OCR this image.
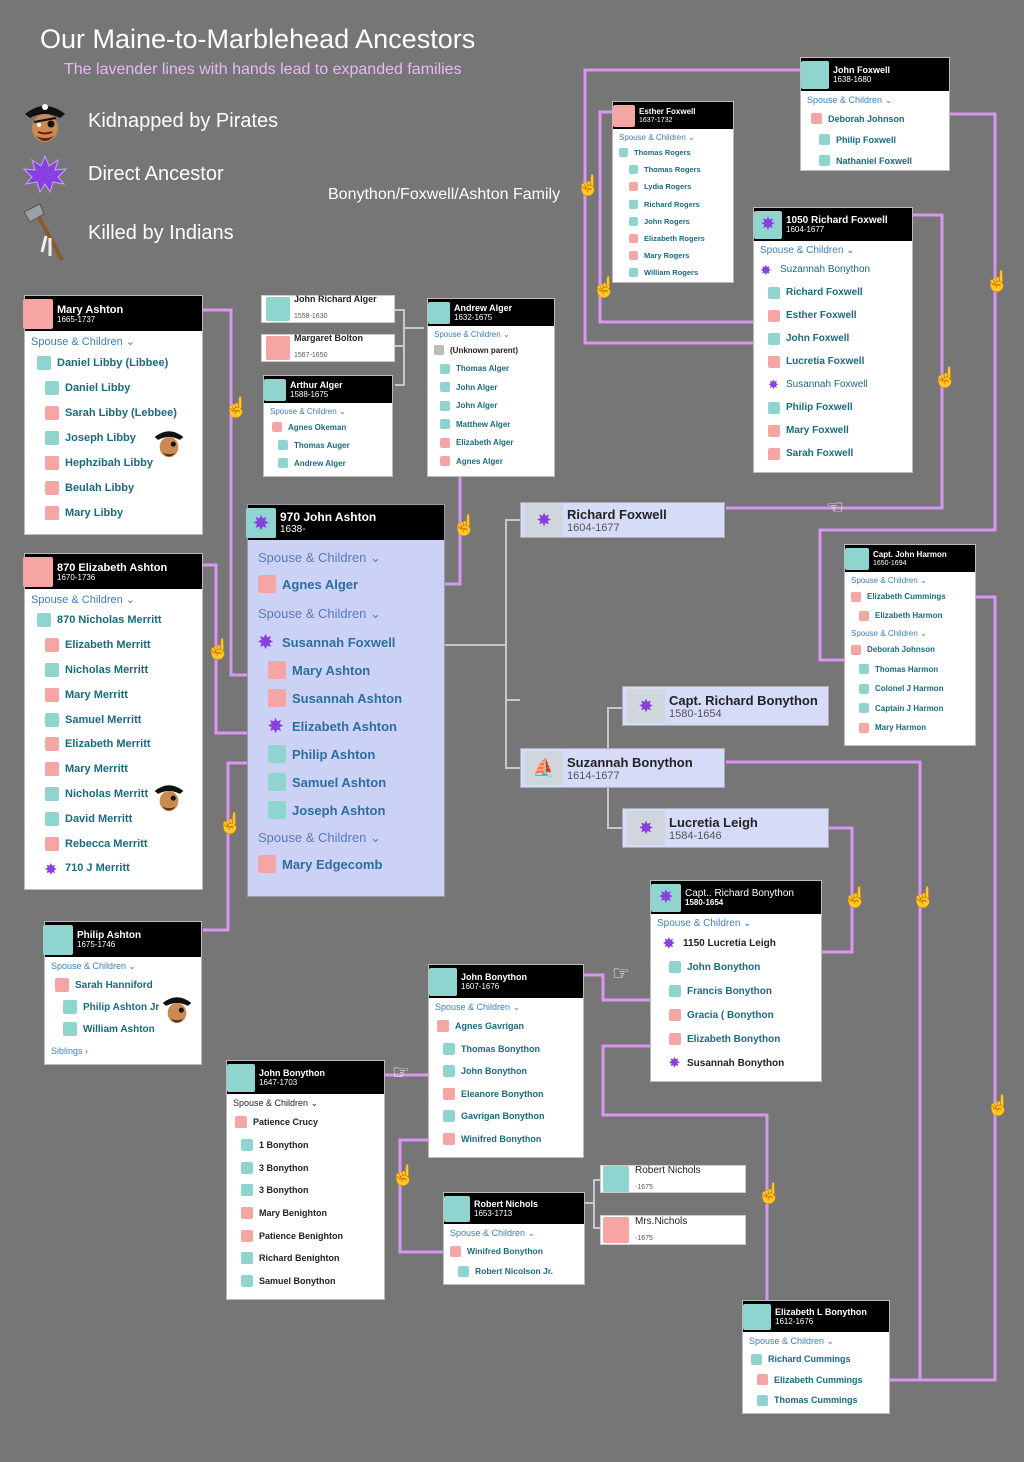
Our Maine-to-Marblehead Ancestors
The lavender lines with hands lead to expanded families
Kidnapped by Pirates
Direct Ancestor
Killed by Indians
Bonython/Foxwell/Ashton Family
Mary Ashton
1665-1737
Spouse & Children ⌄
Daniel Libby (Libbee)
Daniel Libby
Sarah Libby (Lebbee)
Joseph Libby
Hephzibah Libby
Beulah Libby
Mary Libby
870 Elizabeth Ashton
1670-1736
Spouse & Children ⌄
870 Nicholas Merritt
Elizabeth Merritt
Nicholas Merritt
Mary Merritt
Samuel Merritt
Elizabeth Merritt
Mary Merritt
Nicholas Merritt
David Merritt
Rebecca Merritt
✸ 710 J Merritt
Philip Ashton
1675-1746
Spouse & Children ⌄
Sarah Hanniford
Philip Ashton Jr
William Ashton
Siblings ›
✸ 970 John Ashton
1638-
Spouse & Children ⌄
Agnes Alger
Spouse & Children ⌄
✸ Susannah Foxwell
Mary Ashton
Susannah Ashton
✸ Elizabeth Ashton
Philip Ashton
Samuel Ashton
Joseph Ashton
Spouse & Children ⌄
Mary Edgecomb
John Richard Alger
1558-1630
Margaret Bolton
1567-1650
Arthur Alger
1588-1675
Spouse & Children ⌄
Agnes Okeman
Thomas Auger
Andrew Alger
Andrew Alger
1632-1675
Spouse & Children ⌄
(Unknown parent)
Thomas Alger
John Alger
John Alger
Matthew Alger
Elizabeth Alger
Agnes Alger
Esther Foxwell
1637-1732
Spouse & Children ⌄
Thomas Rogers
Thomas Rogers
Lydia Rogers
Richard Rogers
John Rogers
Elizabeth Rogers
Mary Rogers
William Rogers
John Foxwell
1638-1680
Spouse & Children ⌄
Deborah Johnson
Philip Foxwell
Nathaniel Foxwell
✸	1050 Richard Foxwell
1604-1677
Spouse & Children ⌄
✸ Suzannah Bonython
Richard Foxwell
Esther Foxwell
John Foxwell
Lucretia Foxwell
✸ Susannah Foxwell
Philip Foxwell
Mary Foxwell
Sarah Foxwell
✸	Richard Foxwell
1604-1677
✸	Capt. Richard Bonython
1580-1654
⛵ Suzannah Bonython
1614-1677
✸	Lucretia Leigh
1584-1646
Capt. John Harmon
1650-1694
Spouse & Children ⌄
Elizabeth Cummings
Elizabeth Harmon
Spouse & Children ⌄
Deborah Johnson
Thomas Harmon
Colonel J Harmon
Captain J Harmon
Mary Harmon
✸	Capt.. Richard Bonython
1580-1654
Spouse & Children ⌄
✸ 1150 Lucretia Leigh
John Bonython
Francis Bonython
Gracia ( Bonython
Elizabeth Bonython
✸ Susannah Bonython
John Bonython
1607-1676
Spouse & Children ⌄
Agnes Gavrigan
Thomas Bonython
John Bonython
Eleanore Bonython
Gavrigan Bonython
Winifred Bonython
John Bonython
1647-1703
Spouse & Children ⌄
Patience Crucy
1 Bonython
3 Bonython
3 Bonython
Mary Benighton
Patience Benighton
Richard Benighton
Samuel Bonython
Robert Nichols
-1675
Mrs.Nichols
-1675
Robert Nichols
1653-1713
Spouse & Children ⌄
Winifred Bonython
Robert Nicolson Jr.
Elizabeth L Bonython
1612-1676
Spouse & Children ⌄
Richard Cummings
Elizabeth Cummings
Thomas Cummings
☝
☝
☝
☝
☝
☝	☝
☝
☜
☝ ☝
☞
☞
☝
☝
☝
